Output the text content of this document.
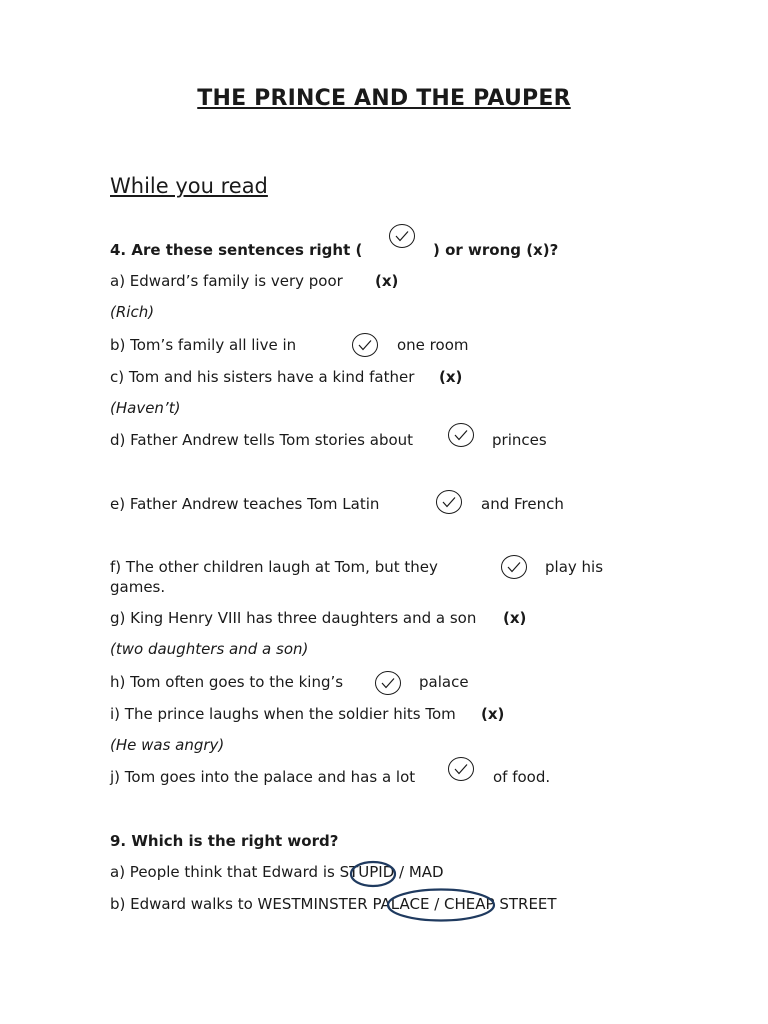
THE PRINCE AND THE PAUPER
While you read
4. Are these sentences right (	) or wrong (x)?
a) Edward’s family is very poor (x)
(Rich)
b) Tom’s family all live in	one room
c) Tom and his sisters have a kind father (x)
(Haven’t)
d) Father Andrew tells Tom stories about	princes
e) Father Andrew teaches Tom Latin	and French
f) The other children laugh at Tom, but they	play his
games.
g) King Henry VIII has three daughters and a son (x)
(two daughters and a son)
h) Tom often goes to the king’s	palace
i) The prince laughs when the soldier hits Tom (x)
(He was angry)
j) Tom goes into the palace and has a lot	of food.
9. Which is the right word?
a) People think that Edward is STUPID / MAD
b) Edward walks to WESTMINSTER PALACE / CHEAP STREET
